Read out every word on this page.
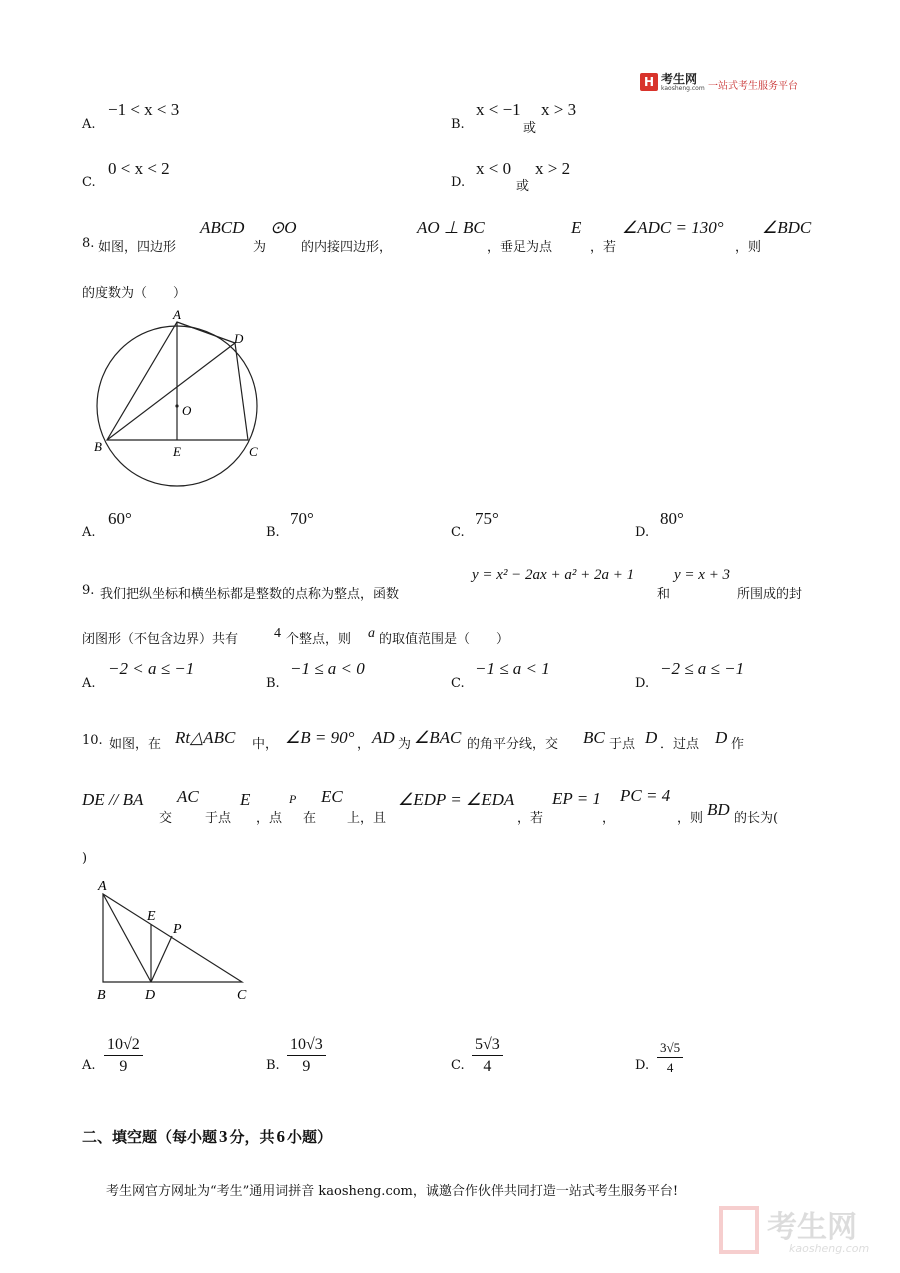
H 考生网
kaosheng.com 一站式考生服务平台
A.
−1 < x < 3
B.
x < −1
或
x > 3
C.
0 < x < 2
D.
x < 0
或
x > 2
8. 如图，四边形
ABCD
为
⊙O
的内接四边形，
AO ⊥ BC
，垂足为点
E
，若
∠ADC = 130°
，则
∠BDC
的度数为（　　）
A
D
O
B	E	C
A.
60°
B.
70°
C.
75°
D.
80°
9. 我们把纵坐标和横坐标都是整数的点称为整点，函数
y = x² − 2ax + a² + 2a + 1
和
y = x + 3
所围成的封
闭图形（不包含边界）共有	4 个整点，则 a 的取值范围是（　　）
A.
−2 < a ≤ −1
B.
−1 ≤ a < 0
C.
−1 ≤ a < 1
D.
−2 ≤ a ≤ −1
10. 如图，在 Rt△ABC 中， ∠B = 90° ， AD 为 ∠BAC 的角平分线，交 BC 于点 D ．过点 D 作
DE // BA
交
AC
于点
E
，点
P
在
EC
上，且
∠EDP = ∠EDA
，若
EP = 1
，
PC = 4
，则 BD 的长为(
)
A
E
P
B	D	C
A. $\frac{10√2}{9}$	B. $\frac{10√3}{9}$	C. $\frac{5√3}{4}$	D. $\frac{3√5}{4}$
二、填空题（每小题 3 分，共 6 小题）
考生网官方网址为“考生”通用词拼音 kaosheng.com，诚邀合作伙伴共同打造一站式考生服务平台!
考生网
kaosheng.com
